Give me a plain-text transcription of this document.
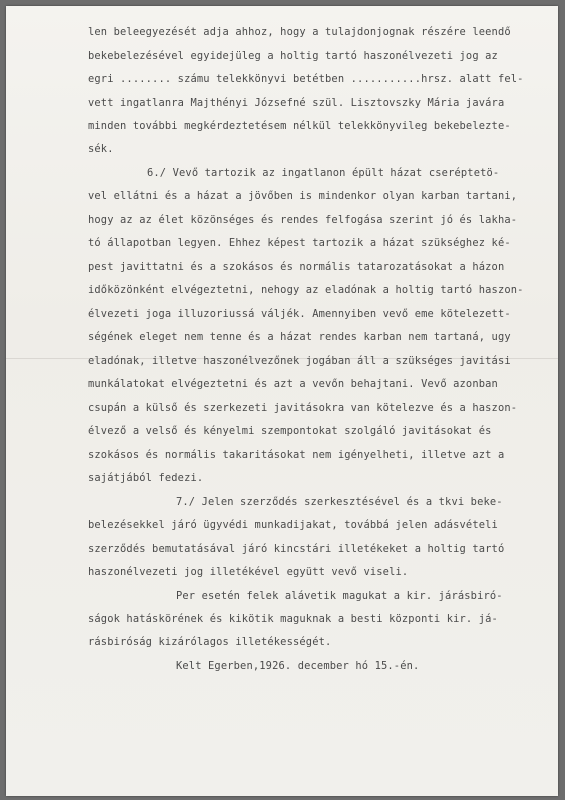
len beleegyezését adja ahhoz, hogy a tulajdonjognak részére leendő
bekebelezésével egyidejüleg a holtig tartó haszonélvezeti jog az
egri ........ számu telekkönyvi betétben ...........hrsz. alatt fel-
vett ingatlanra Majthényi Józsefné szül. Lisztovszky Mária javára
minden további megkérdeztetésem nélkül telekkönyvileg bekebelezte-
sék.
6./ Vevő tartozik az ingatlanon épült házat cseréptetö-
vel ellátni és a házat a jövőben is mindenkor olyan karban tartani,
hogy az az élet közönséges és rendes felfogása szerint jó és lakha-
tó állapotban legyen. Ehhez képest tartozik a házat szükséghez ké-
pest javittatni és a szokásos és normális tatarozatásokat a házon
időközönként elvégeztetni, nehogy az eladónak a holtig tartó haszon-
élvezeti joga illuzoriussá váljék. Amennyiben vevő eme kötelezett-
ségének eleget nem tenne és a házat rendes karban nem tartaná, ugy
eladónak, illetve haszonélvezőnek jogában áll a szükséges javitási
munkálatokat elvégeztetni és azt a vevőn behajtani. Vevő azonban
csupán a külső és szerkezeti javitásokra van kötelezve és a haszon-
élvező a velső és kényelmi szempontokat szolgáló javitásokat és
szokásos és normális takaritásokat nem igényelheti, illetve azt a
sajátjából fedezi.
7./ Jelen szerződés szerkesztésével és a tkvi beke-
belezésekkel járó ügyvédi munkadijakat, továbbá jelen adásvételi
szerződés bemutatásával járó kincstári illetékeket a holtig tartó
haszonélvezeti jog illetékével együtt vevő viseli.
Per esetén felek alávetik magukat a kir. járásbiró-
ságok hatáskörének és kikötik maguknak a besti központi kir. já-
rásbiróság kizárólagos illetékességét.
Kelt Egerben,1926. december hó 15.-én.
